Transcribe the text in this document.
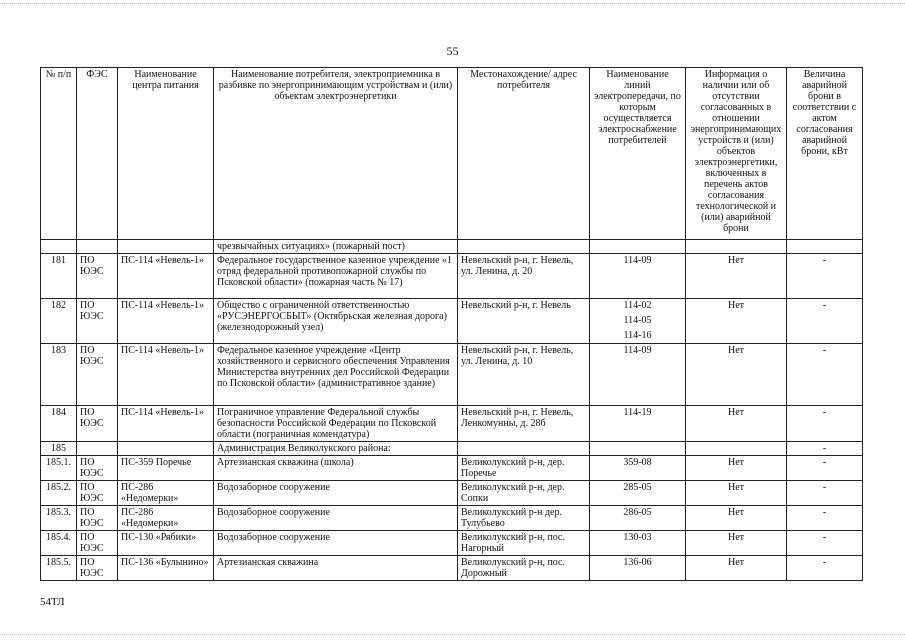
55
№ п/п	ФЭС	Наименование центра питания	Наименование потребителя, электроприемника в разбивке по энергопринимающим устройствам и (или) объектам электроэнергетики	Местонахождение/ адрес потребителя	Наименование линий электропередачи, по которым осуществляется электроснабжение потребителей	Информация о наличии или об отсутствии согласованных в отношении энергопринимающих устройств и (или) объектов электроэнергетики, включенных в перечень актов согласования технологической и (или) аварийной брони	Величина аварийной брони в соответствии с актом согласования аварийной брони, кВт
			чрезвычайных ситуациях» (пожарный пост)				
181	ПО ЮЭС	ПС-114 «Невель-1»	Федеральное государственное казенное учреждение «1 отряд федеральной противопожарной службы по Псковской области» (пожарная часть № 17)	Невельский р-н, г. Невель, ул. Ленина, д. 20	114-09	Нет	-
182	ПО ЮЭС	ПС-114 «Невель-1»	Общество с ограниченной ответственностью «РУСЭНЕРГОСБЫТ» (Октябрьская железная дорога) (железнодорожный узел)	Невельский р-н, г. Невель	114-02
114-05
114-16	Нет	-
183	ПО ЮЭС	ПС-114 «Невель-1»	Федеральное казенное учреждение «Центр хозяйственного и сервисного обеспечения Управления Министерства внутренних дел Российской Федерации по Псковской области» (административное здание)	Невельский р-н, г. Невель, ул. Ленина, д. 10	114-09	Нет	-
184	ПО ЮЭС	ПС-114 «Невель-1»	Пограничное управление Федеральной службы безопасности Российской Федерации по Псковской области (пограничная комендатура)	Невельский р-н, г. Невель, Ленкомунны, д. 28б	114-19	Нет	-
185			Администрация Великолукского района:				-
185.1.	ПО ЮЭС	ПС-359 Поречье	Артезианская скважина (школа)	Великолукский р-н, дер. Поречье	359-08	Нет	-
185.2.	ПО ЮЭС	ПС-286 «Недомерки»	Водозаборное сооружение	Великолукский р-н, дер. Сопки	285-05	Нет	-
185.3.	ПО ЮЭС	ПС-286 «Недомерки»	Водозаборное сооружение	Великолукский р-н дер. Тулубьево	286-05	Нет	-
185.4.	ПО ЮЭС	ПС-130 «Рябики»	Водозаборное сооружение	Великолукский р-н, пос. Нагорный	130-03	Нет	-
185.5.	ПО ЮЭС	ПС-136 «Булынино»	Артезианская скважина	Великолукский р-н, пос. Дорожный	136-06	Нет	-
54ТЛ
